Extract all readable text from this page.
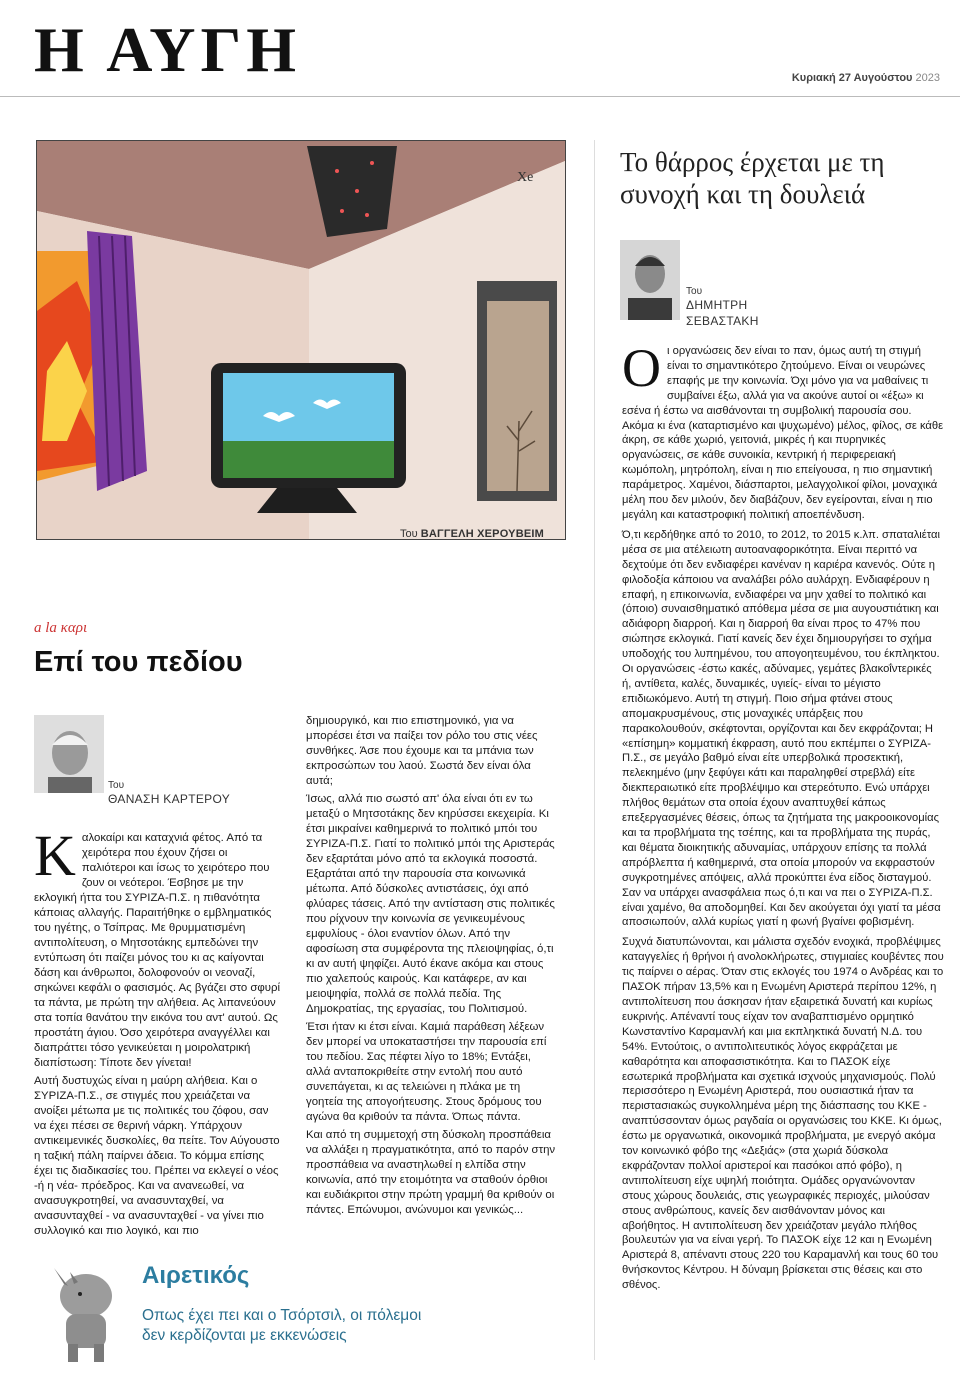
Η ΑΥΓΗ	Κυριακή 27 Αυγούστου 2023
Хе
Του ΒΑΓΓΕΛΗ ΧΕΡΟΥΒΕΙΜ
a la καρι
Επί του πεδίου
Του
ΘΑΝΑΣΗ ΚΑΡΤΕΡΟΥ

Καλοκαίρι και καταχνιά φέτος. Από τα χειρότερα που έχουν ζήσει οι παλιότεροι και ίσως το χειρότερο που ζουν οι νεότεροι. Έσβησε με την εκλογική ήττα του ΣΥΡΙΖΑ-Π.Σ. η πιθανότητα κάποιας αλλαγής. Παραιτήθηκε ο εμβληματικός του ηγέτης, ο Τσίπρας. Με θρυμματισμένη αντιπολίτευση, ο Μητσοτάκης εμπεδώνει την εντύπωση ότι παίζει μόνος του κι ας καίγονται δάση και άνθρωποι, δολοφονούν οι νεοναζί, σηκώνει κεφάλι ο φασισμός. Ας βγάζει στο σφυρί τα πάντα, με πρώτη την αλήθεια. Ας λιπανεύουν στα τοπία θανάτου την εικόνα του αντ' αυτού. Ως προστάτη άγιου. Όσο χειρότερα αναγγέλλει και διαπράττει τόσο γενικεύεται η μοιρολατρική διαπίστωση: Τίποτε δεν γίνεται!

Αυτή δυστυχώς είναι η μαύρη αλήθεια. Και ο ΣΥΡΙΖΑ-Π.Σ., σε στιγμές που χρειάζεται να ανοίξει μέτωπα με τις πολιτικές του ζόφου, σαν να έχει πέσει σε θερινή νάρκη. Υπάρχουν αντικειμενικές δυσκολίες, θα πείτε. Τον Αύγουστο η ταξική πάλη παίρνει άδεια. Το κόμμα επίσης έχει τις διαδικασίες του. Πρέπει να εκλεγεί ο νέος -ή η νέα- πρόεδρος. Και να ανανεωθεί, να ανασυγκροτηθεί, να ανασυνταχθεί, να ανασυνταχθεί - να ανασυνταχθεί - να γίνει πιο συλλογικό και πιο λογικό, και πιο

δημιουργικό, και πιο επιστημονικό, για να μπορέσει έτσι να παίξει τον ρόλο του στις νέες συνθήκες. Άσε που έχουμε και τα μπάνια των εκπροσώπων του λαού. Σωστά δεν είναι όλα αυτά;

Ίσως, αλλά πιο σωστό απ' όλα είναι ότι εν τω μεταξύ ο Μητσοτάκης δεν κηρύσσει εκεχειρία. Κι έτσι μικραίνει καθημερινά το πολιτικό μπόι του ΣΥΡΙΖΑ-Π.Σ. Γιατί το πολιτικό μπόι της Αριστεράς δεν εξαρτάται μόνο από τα εκλογικά ποσοστά. Εξαρτάται από την παρουσία στα κοινωνικά μέτωπα. Από δύσκολες αντιστάσεις, όχι από φλύαρες τάσεις. Από την αντίσταση στις πολιτικές που ρίχνουν την κοινωνία σε γενικευμένους εμφυλίους - όλοι εναντίον όλων. Από την αφοσίωση στα συμφέροντα της πλειοψηφίας, ό,τι κι αν αυτή ψηφίζει. Αυτό έκανε ακόμα και στους πιο χαλεπούς καιρούς. Και κατάφερε, αν και μειοψηφία, πολλά σε πολλά πεδία. Της Δημοκρατίας, της εργασίας, του Πολιτισμού.

Έτσι ήταν κι έτσι είναι. Καμιά παράθεση λέξεων δεν μπορεί να υποκαταστήσει την παρουσία επί του πεδίου. Σας πέφτει λίγο το 18%; Εντάξει, αλλά ανταποκριθείτε στην εντολή που αυτό συνεπάγεται, κι ας τελειώνει η πλάκα με τη γοητεία της απογοήτευσης. Στους δρόμους του αγώνα θα κριθούν τα πάντα. Όπως πάντα.

Και από τη συμμετοχή στη δύσκολη προσπάθεια να αλλάξει η πραγματικότητα, από το παρόν στην προσπάθεια να αναστηλωθεί η ελπίδα στην κοινωνία, από την ετοιμότητα να σταθούν όρθιοι και ευδιάκριτοι στην πρώτη γραμμή θα κριθούν οι πάντες. Επώνυμοι, ανώνυμοι και γενικώς...

Αιρετικός
Οπως έχει πει και ο Τσόρτσιλ, οι πόλεμοι δεν κερδίζονται με εκκενώσεις
Το θάρρος έρχεται με τη συνοχή και τη δουλειά
Του
ΔΗΜΗΤΡΗ
ΣΕΒΑΣΤΑΚΗ

Οι οργανώσεις δεν είναι το παν, όμως αυτή τη στιγμή είναι το σημαντικότερο ζητούμενο. Είναι οι νευρώνες επαφής με την κοινωνία. Όχι μόνο για να μαθαίνεις τι συμβαίνει έξω, αλλά για να ακούνε αυτοί οι «έξω» κι εσένα ή έστω να αισθάνονται τη συμβολική παρουσία σου. Ακόμα κι ένα (καταρτισμένο και ψυχωμένο) μέλος, φίλος, σε κάθε άκρη, σε κάθε χωριό, γειτονιά, μικρές ή και πυρηνικές οργανώσεις, σε κάθε συνοικία, κεντρική ή περιφερειακή κωμόπολη, μητρόπολη, είναι η πιο επείγουσα, η πιο σημαντική παράμετρος. Χαμένοι, διάσπαρτοι, μελαγχολικοί φίλοι, μοναχικά μέλη που δεν μιλούν, δεν διαβάζουν, δεν εγείρονται, είναι η πιο μεγάλη και καταστροφική πολιτική αποεπένδυση.

Ό,τι κερδήθηκε από το 2010, το 2012, το 2015 κ.λπ. σπαταλιέται μέσα σε μια ατέλειωτη αυτοαναφορικότητα. Είναι περιττό να δεχτούμε ότι δεν ενδιαφέρει κανέναν η καριέρα κανενός. Ούτε η φιλοδοξία κάποιου να αναλάβει ρόλο αυλάρχη. Ενδιαφέρουν η επαφή, η επικοινωνία, ενδιαφέρει να μην χαθεί το πολιτικό και (όποιο) συναισθηματικό απόθεμα μέσα σε μια αυγουστιάτικη και αδιάφορη διαρροή. Και η διαρροή θα είναι προς το 47% που σιώπησε εκλογικά. Γιατί κανείς δεν έχει δημιουργήσει το σχήμα υποδοχής του λυπημένου, του απογοητευμένου, του έκπληκτου. Οι οργανώσεις -έστω κακές, αδύναμες, γεμάτες βλακοΐντερικές ή, αντίθετα, καλές, δυναμικές, υγιείς- είναι το μέγιστο επιδιωκόμενο. Αυτή τη στιγμή. Ποιο σήμα φτάνει στους απομακρυσμένους, στις μοναχικές υπάρξεις που παρακολουθούν, σκέφτονται, οργίζονται και δεν εκφράζονται; Η «επίσημη» κομματική έκφραση, αυτό που εκπέμπει ο ΣΥΡΙΖΑ-Π.Σ., σε μεγάλο βαθμό είναι είτε υπερβολικά προσεκτική, πελεκημένο (μην ξεφύγει κάτι και παραληφθεί στρεβλά) είτε διεκπεραιωτικό είτε προβλέψιμο και στερεότυπο. Ενώ υπάρχει πλήθος θεμάτων στα οποία έχουν αναπτυχθεί κάπως επεξεργασμένες θέσεις, όπως τα ζητήματα της μακροοικονομίας και τα προβλήματα της τσέπης, και τα προβλήματα της πυράς, και θέματα διοικητικής αδυναμίας, υπάρχουν επίσης τα πολλά απρόβλεπτα ή καθημερινά, στα οποία μπορούν να εκφραστούν συγκροτημένες απόψεις, αλλά προκύπτει ένα είδος δισταγμού. Σαν να υπάρχει ανασφάλεια πως ό,τι και να πει ο ΣΥΡΙΖΑ-Π.Σ. είναι χαμένο, θα αποδομηθεί. Και δεν ακούγεται όχι γιατί τα μέσα αποσιωπούν, αλλά κυρίως γιατί η φωνή βγαίνει φοβισμένη.

Συχνά διατυπώνονται, και μάλιστα σχεδόν ενοχικά, προβλέψιμες καταγγελίες ή θρήνοι ή ανολοκλήρωτες, στιγμιαίες κουβέντες που τις παίρνει ο αέρας. Όταν στις εκλογές του 1974 ο Ανδρέας και το ΠΑΣΟΚ πήραν 13,5% και η Ενωμένη Αριστερά περίπου 12%, η αντιπολίτευση που άσκησαν ήταν εξαιρετικά δυνατή και κυρίως ευκρινής. Απέναντί τους είχαν τον αναβαπτισμένο ορμητικό Κωνσταντίνο Καραμανλή και μια εκπληκτικά δυνατή Ν.Δ. του 54%. Εντούτοις, ο αντιπολιτευτικός λόγος εκφράζεται με καθαρότητα και αποφασιστικότητα. Και το ΠΑΣΟΚ είχε εσωτερικά προβλήματα και σχετικά ισχνούς μηχανισμούς. Πολύ περισσότερο η Ενωμένη Αριστερά, που ουσιαστικά ήταν τα περιστασιακώς συγκολλημένα μέρη της διάσπασης του ΚΚΕ - αναπτύσσονταν όμως ραγδαία οι οργανώσεις του ΚΚΕ. Κι όμως, έστω με οργανωτικά, οικονομικά προβλήματα, με ενεργό ακόμα τον κοινωνικό φόβο της «Δεξιάς» (στα χωριά δύσκολα εκφράζονταν πολλοί αριστεροί και πασόκοι από φόβο), η αντιπολίτευση είχε υψηλή ποιότητα. Ομάδες οργανώνονταν στους χώρους δουλειάς, στις γεωγραφικές περιοχές, μιλούσαν στους ανθρώπους, κανείς δεν αισθάνονταν μόνος και αβοήθητος. Η αντιπολίτευση δεν χρειάζοταν μεγάλο πλήθος βουλευτών για να είναι γερή. Το ΠΑΣΟΚ είχε 12 και η Ενωμένη Αριστερά 8, απέναντι στους 220 του Καραμανλή και τους 60 του θνήσκοντος Κέντρου. Η δύναμη βρίσκεται στις θέσεις και στο σθένος.
